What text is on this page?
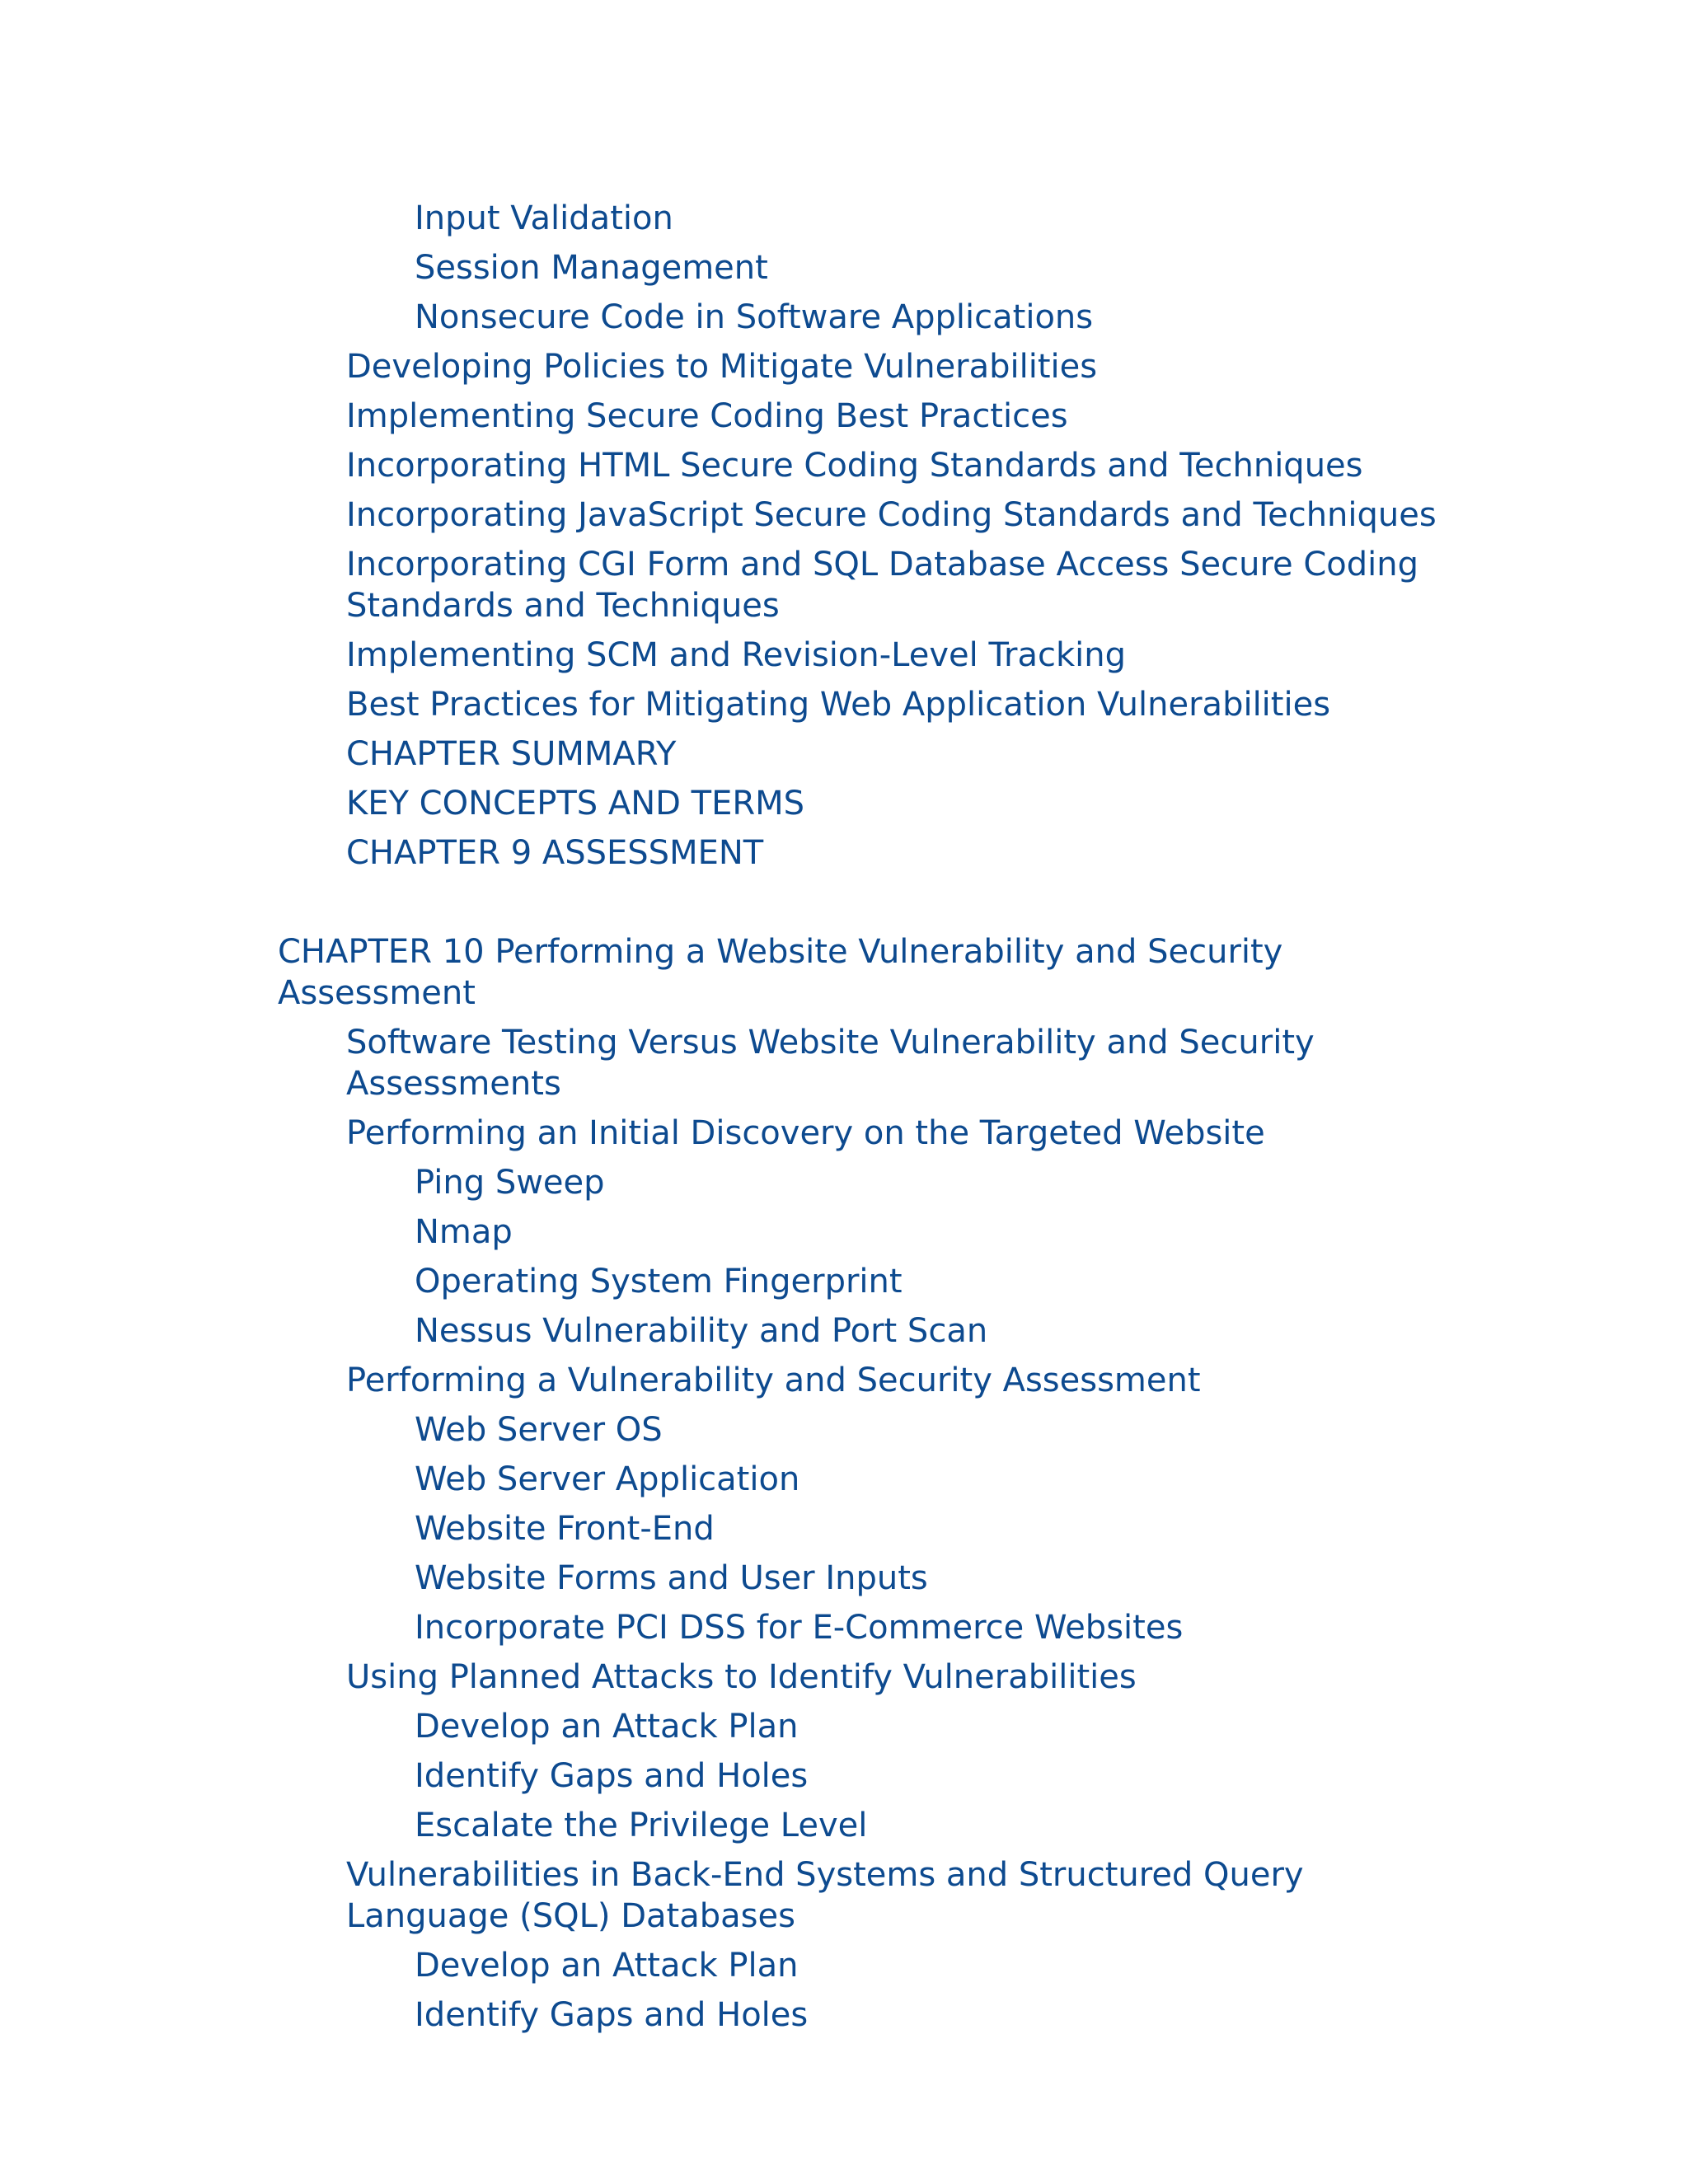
Input Validation
Session Management
Nonsecure Code in Software Applications
Developing Policies to Mitigate Vulnerabilities
Implementing Secure Coding Best Practices
Incorporating HTML Secure Coding Standards and Techniques
Incorporating JavaScript Secure Coding Standards and Techniques
Incorporating CGI Form and SQL Database Access Secure Coding Standards and Techniques
Implementing SCM and Revision-Level Tracking
Best Practices for Mitigating Web Application Vulnerabilities
CHAPTER SUMMARY
KEY CONCEPTS AND TERMS
CHAPTER 9 ASSESSMENT
CHAPTER 10 Performing a Website Vulnerability and Security Assessment
Software Testing Versus Website Vulnerability and Security Assessments
Performing an Initial Discovery on the Targeted Website
Ping Sweep
Nmap
Operating System Fingerprint
Nessus Vulnerability and Port Scan
Performing a Vulnerability and Security Assessment
Web Server OS
Web Server Application
Website Front-End
Website Forms and User Inputs
Incorporate PCI DSS for E-Commerce Websites
Using Planned Attacks to Identify Vulnerabilities
Develop an Attack Plan
Identify Gaps and Holes
Escalate the Privilege Level
Vulnerabilities in Back-End Systems and Structured Query Language (SQL) Databases
Develop an Attack Plan
Identify Gaps and Holes
